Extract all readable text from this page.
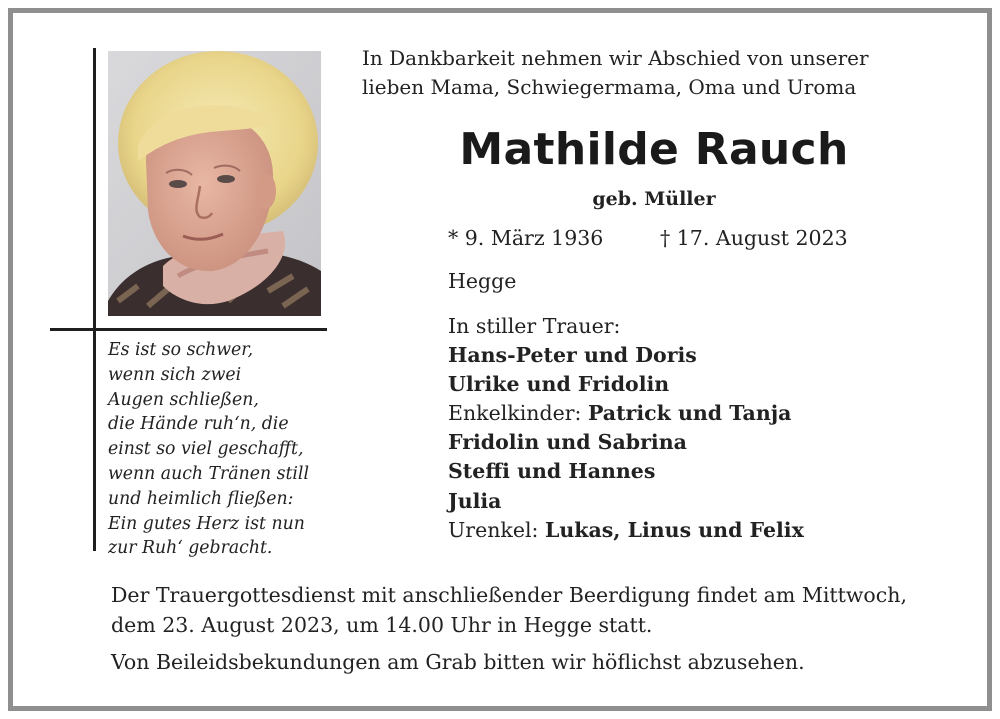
Es ist so schwer,
wenn sich zwei
Augen schließen,
die Hände ruh‘n, die
einst so viel geschafft,
wenn auch Tränen still
und heimlich fließen:
Ein gutes Herz ist nun
zur Ruh‘ gebracht.
In Dankbarkeit nehmen wir Abschied von unserer
lieben Mama, Schwiegermama, Oma und Uroma
Mathilde Rauch
geb. Müller
* 9. März 1936	† 17. August 2023
Hegge
In stiller Trauer:
Hans-Peter und Doris
Ulrike und Fridolin
Enkelkinder: Patrick und Tanja
Fridolin und Sabrina
Steffi und Hannes
Julia
Urenkel: Lukas, Linus und Felix
Der Trauergottesdienst mit anschließender Beerdigung findet am Mittwoch,
dem 23. August 2023, um 14.00 Uhr in Hegge statt.
Von Beileidsbekundungen am Grab bitten wir höflichst abzusehen.
